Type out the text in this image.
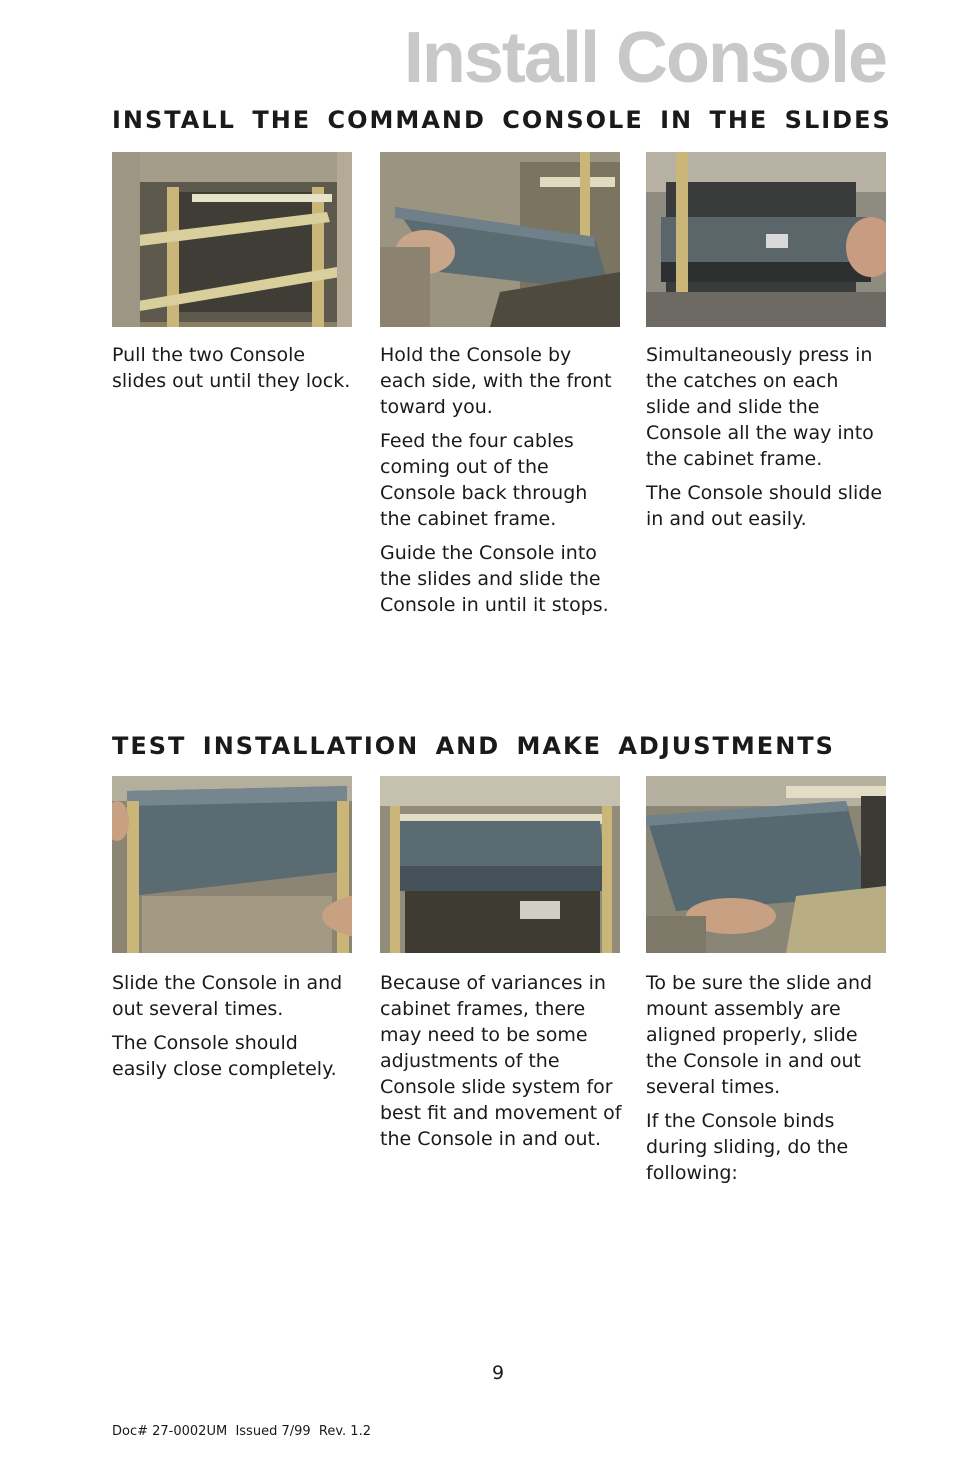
Install Console
INSTALL THE COMMAND CONSOLE IN THE SLIDES

Pull the two Console slides out until they lock.

Hold the Console by each side, with the front toward you.

Feed the four cables coming out of the Console back through the cabinet frame.

Guide the Console into the slides and slide the Console in until it stops.

Simultaneously press in the catches on each slide and slide the Console all the way into the cabinet frame.

The Console should slide in and out easily.

TEST INSTALLATION AND MAKE ADJUSTMENTS

Slide the Console in and out several times.

The Console should easily close completely.

Because of variances in cabinet frames, there may need to be some adjustments of the Console slide system for best fit and movement of the Console in and out.

To be sure the slide and mount assembly are aligned properly, slide the Console in and out several times.

If the Console binds during sliding, do the following:

9
Doc# 27-0002UM  Issued 7/99  Rev. 1.2
